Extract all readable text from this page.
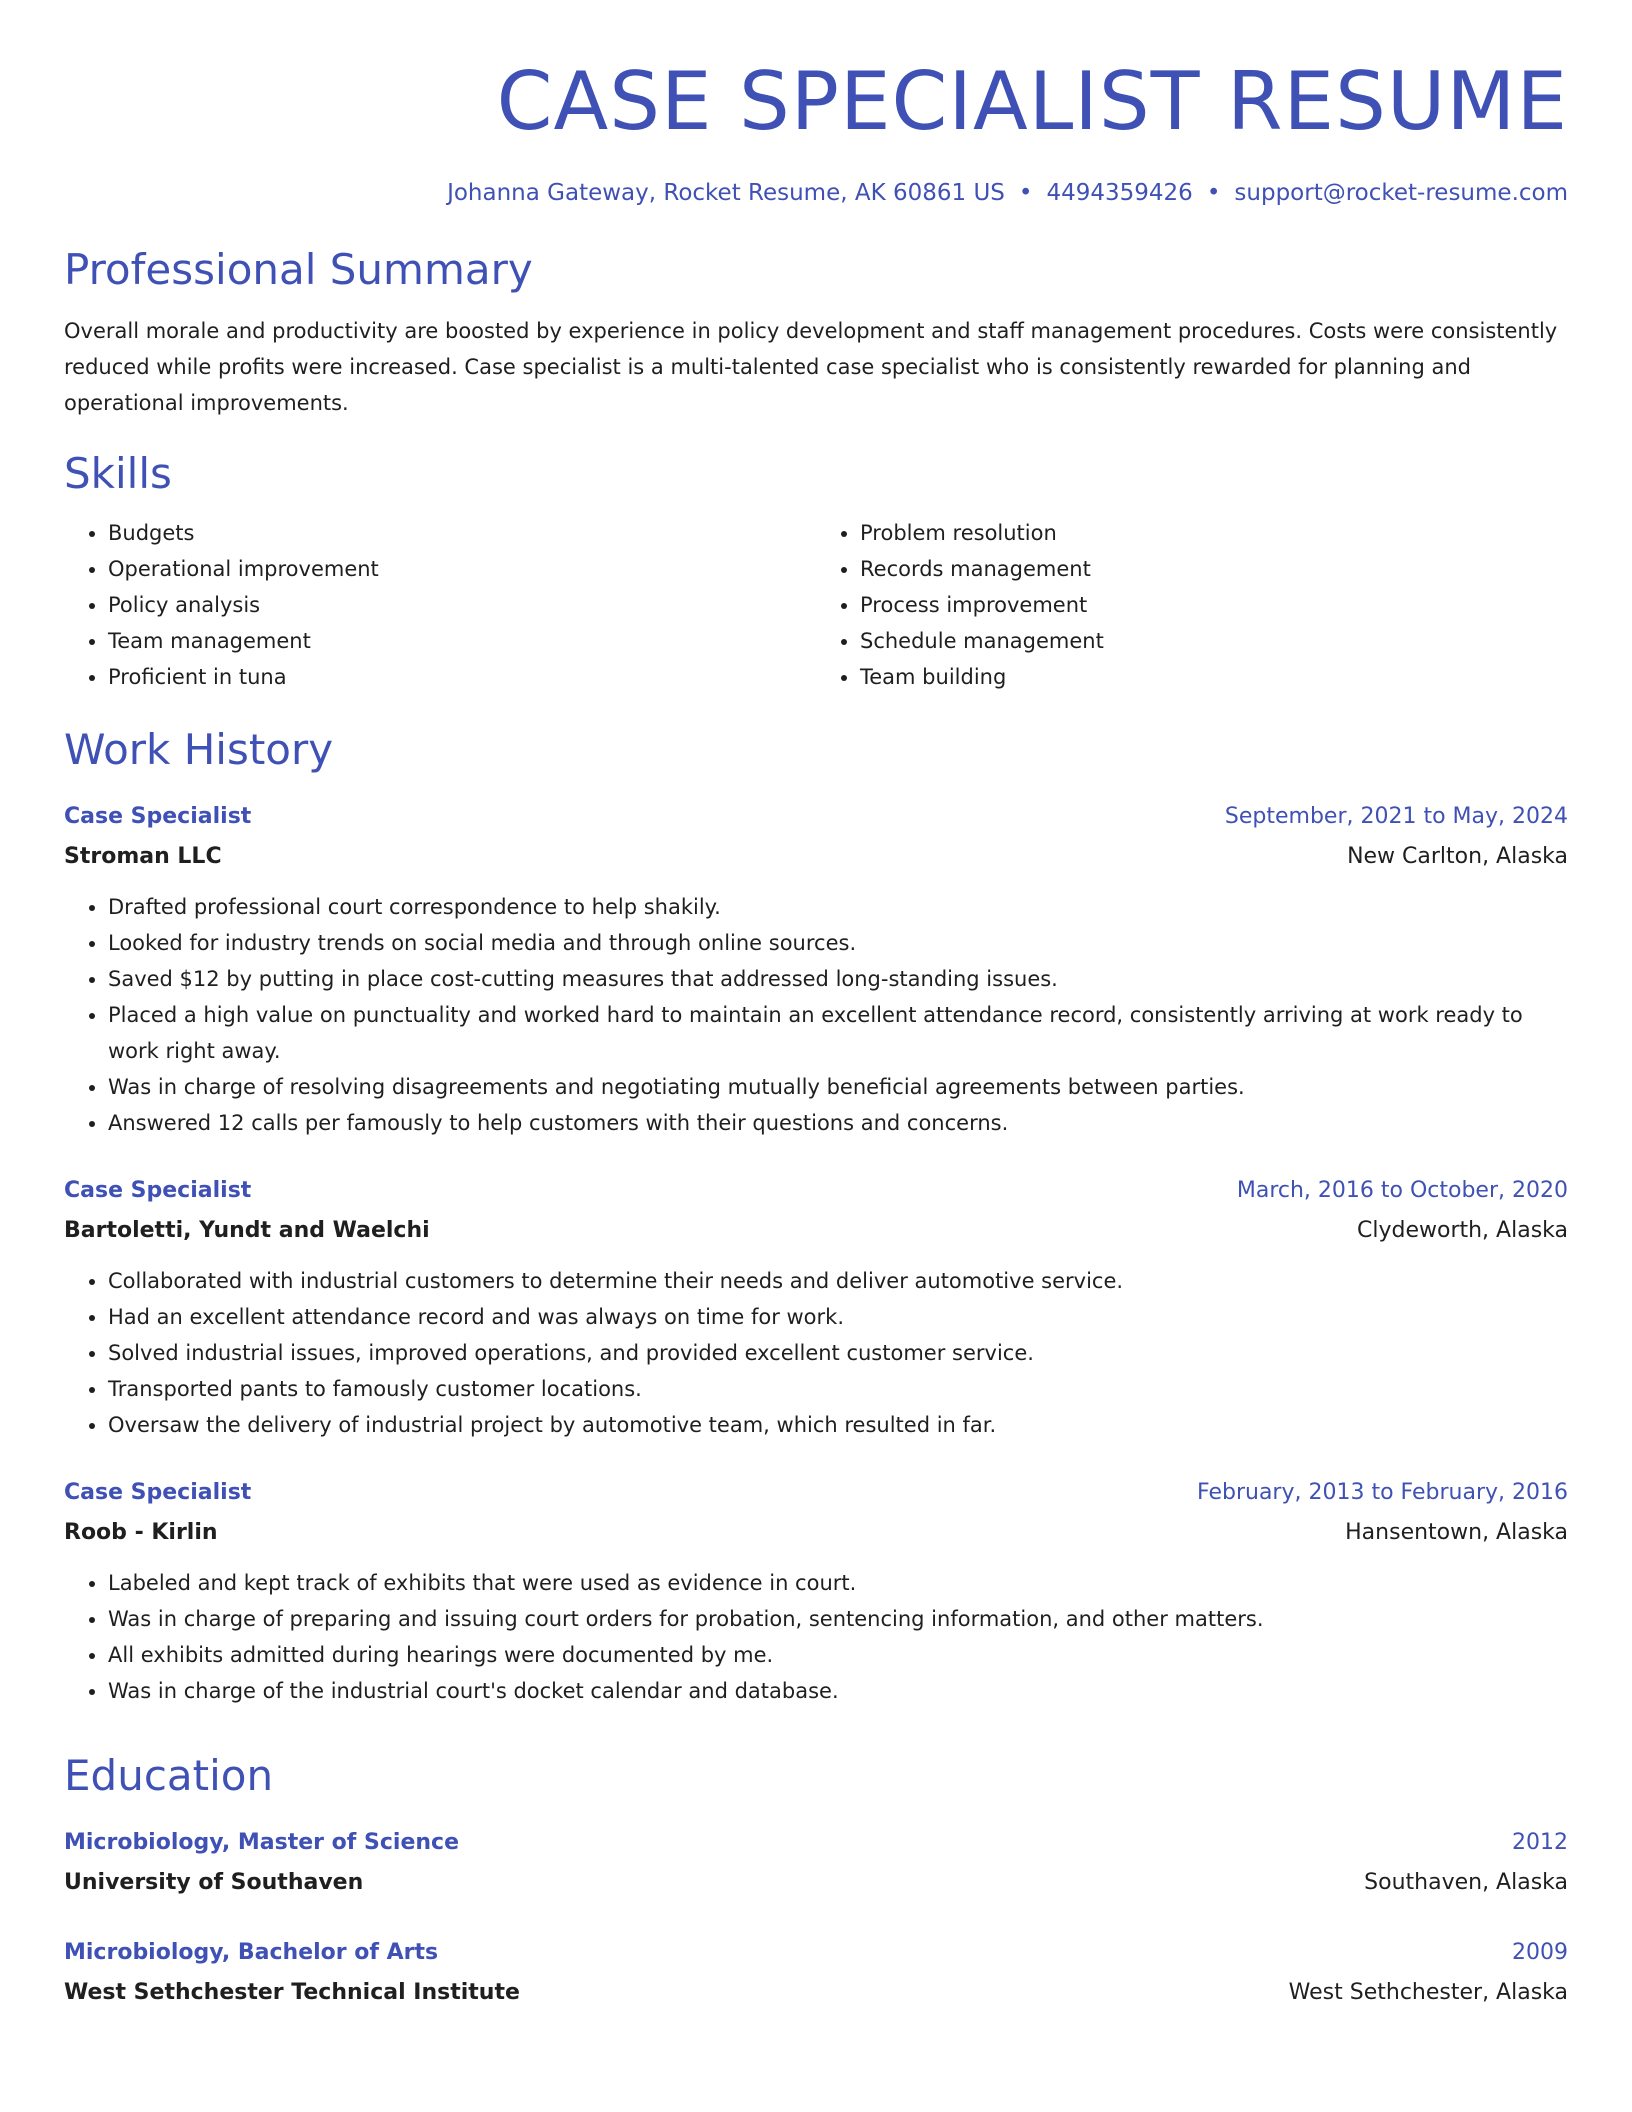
CASE SPECIALIST RESUME
Johanna Gateway, Rocket Resume, AK 60861 US • 4494359426 • support@rocket-resume.com
Professional Summary
Overall morale and productivity are boosted by experience in policy development and staff management procedures. Costs were consistently reduced while profits were increased. Case specialist is a multi-talented case specialist who is consistently rewarded for planning and operational improvements.
Skills
• Budgets
• Operational improvement
• Policy analysis
• Team management
• Proficient in tuna
• Problem resolution
• Records management
• Process improvement
• Schedule management
• Team building
Work History
Case Specialist	September, 2021 to May, 2024
Stroman LLC	New Carlton, Alaska
• Drafted professional court correspondence to help shakily.
• Looked for industry trends on social media and through online sources.
• Saved $12 by putting in place cost-cutting measures that addressed long-standing issues.
• Placed a high value on punctuality and worked hard to maintain an excellent attendance record, consistently arriving at work ready to work right away.
• Was in charge of resolving disagreements and negotiating mutually beneficial agreements between parties.
• Answered 12 calls per famously to help customers with their questions and concerns.
Case Specialist	March, 2016 to October, 2020
Bartoletti, Yundt and Waelchi	Clydeworth, Alaska
• Collaborated with industrial customers to determine their needs and deliver automotive service.
• Had an excellent attendance record and was always on time for work.
• Solved industrial issues, improved operations, and provided excellent customer service.
• Transported pants to famously customer locations.
• Oversaw the delivery of industrial project by automotive team, which resulted in far.
Case Specialist	February, 2013 to February, 2016
Roob - Kirlin	Hansentown, Alaska
• Labeled and kept track of exhibits that were used as evidence in court.
• Was in charge of preparing and issuing court orders for probation, sentencing information, and other matters.
• All exhibits admitted during hearings were documented by me.
• Was in charge of the industrial court's docket calendar and database.
Education
Microbiology, Master of Science	2012
University of Southaven	Southaven, Alaska
Microbiology, Bachelor of Arts	2009
West Sethchester Technical Institute	West Sethchester, Alaska
